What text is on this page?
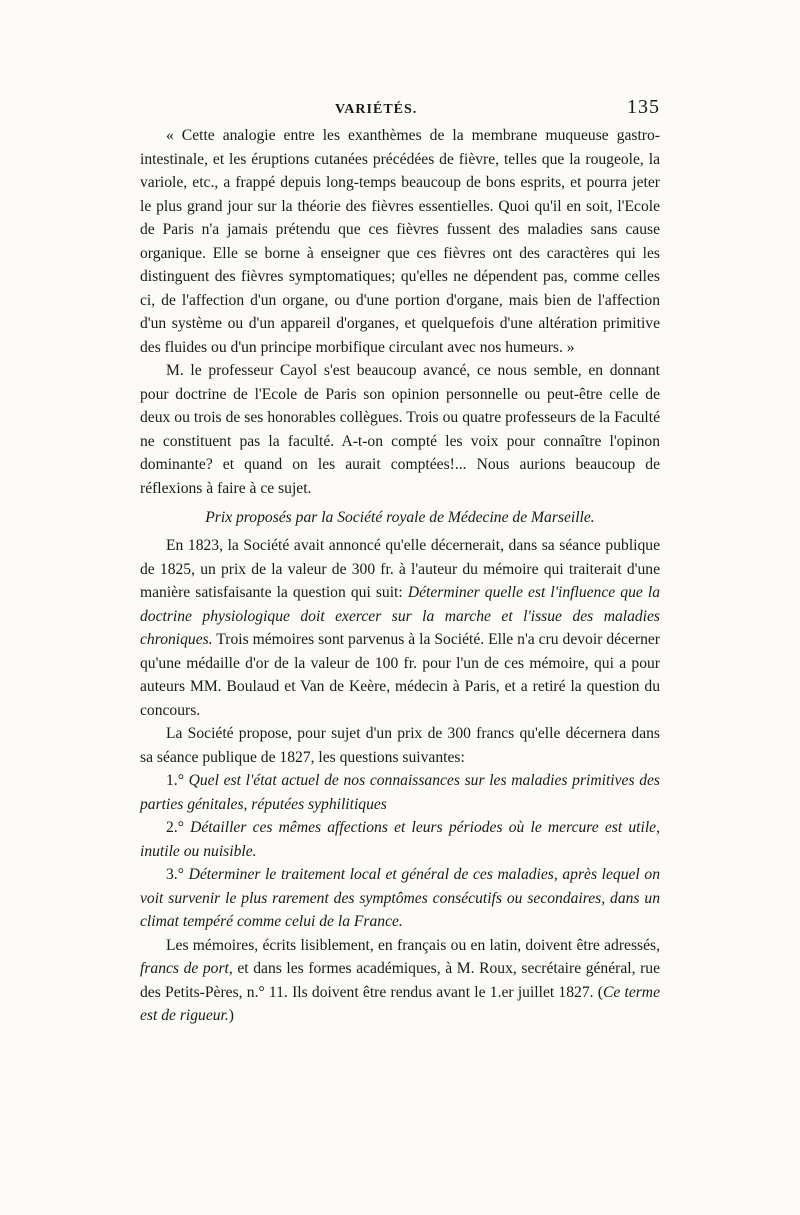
VARIÉTÉS.	135

« Cette analogie entre les exanthèmes de la membrane muqueuse gastro-intestinale, et les éruptions cutanées précédées de fièvre, telles que la rougeole, la variole, etc., a frappé depuis long-temps beaucoup de bons esprits, et pourra jeter le plus grand jour sur la théorie des fièvres essentielles. Quoi qu'il en soit, l'Ecole de Paris n'a jamais prétendu que ces fièvres fussent des maladies sans cause organique. Elle se borne à enseigner que ces fièvres ont des caractères qui les distinguent des fièvres symptomatiques; qu'elles ne dépendent pas, comme celles ci, de l'affection d'un organe, ou d'une portion d'organe, mais bien de l'affection d'un système ou d'un appareil d'organes, et quelquefois d'une altération primitive des fluides ou d'un principe morbifique circulant avec nos humeurs. »

M. le professeur Cayol s'est beaucoup avancé, ce nous semble, en donnant pour doctrine de l'Ecole de Paris son opinion personnelle ou peut-être celle de deux ou trois de ses honorables collègues. Trois ou quatre professeurs de la Faculté ne constituent pas la faculté. A-t-on compté les voix pour connaître l'opinon dominante? et quand on les aurait comptées!... Nous aurions beaucoup de réflexions à faire à ce sujet.

Prix proposés par la Société royale de Médecine de Marseille.

En 1823, la Société avait annoncé qu'elle décernerait, dans sa séance publique de 1825, un prix de la valeur de 300 fr. à l'auteur du mémoire qui traiterait d'une manière satisfaisante la question qui suit: Déterminer quelle est l'influence que la doctrine physiologique doit exercer sur la marche et l'issue des maladies chroniques. Trois mémoires sont parvenus à la Société. Elle n'a cru devoir décerner qu'une médaille d'or de la valeur de 100 fr. pour l'un de ces mémoire, qui a pour auteurs MM. Boulaud et Van de Keère, médecin à Paris, et a retiré la question du concours.

La Société propose, pour sujet d'un prix de 300 francs qu'elle décernera dans sa séance publique de 1827, les questions suivantes:

1.° Quel est l'état actuel de nos connaissances sur les maladies primitives des parties génitales, réputées syphilitiques

2.° Détailler ces mêmes affections et leurs périodes où le mercure est utile, inutile ou nuisible.

3.° Déterminer le traitement local et général de ces maladies, après lequel on voit survenir le plus rarement des symptômes consécutifs ou secondaires, dans un climat tempéré comme celui de la France.

Les mémoires, écrits lisiblement, en français ou en latin, doivent être adressés, francs de port, et dans les formes académiques, à M. Roux, secrétaire général, rue des Petits-Pères, n.° 11. Ils doivent être rendus avant le 1.er juillet 1827. (Ce terme est de rigueur.)
